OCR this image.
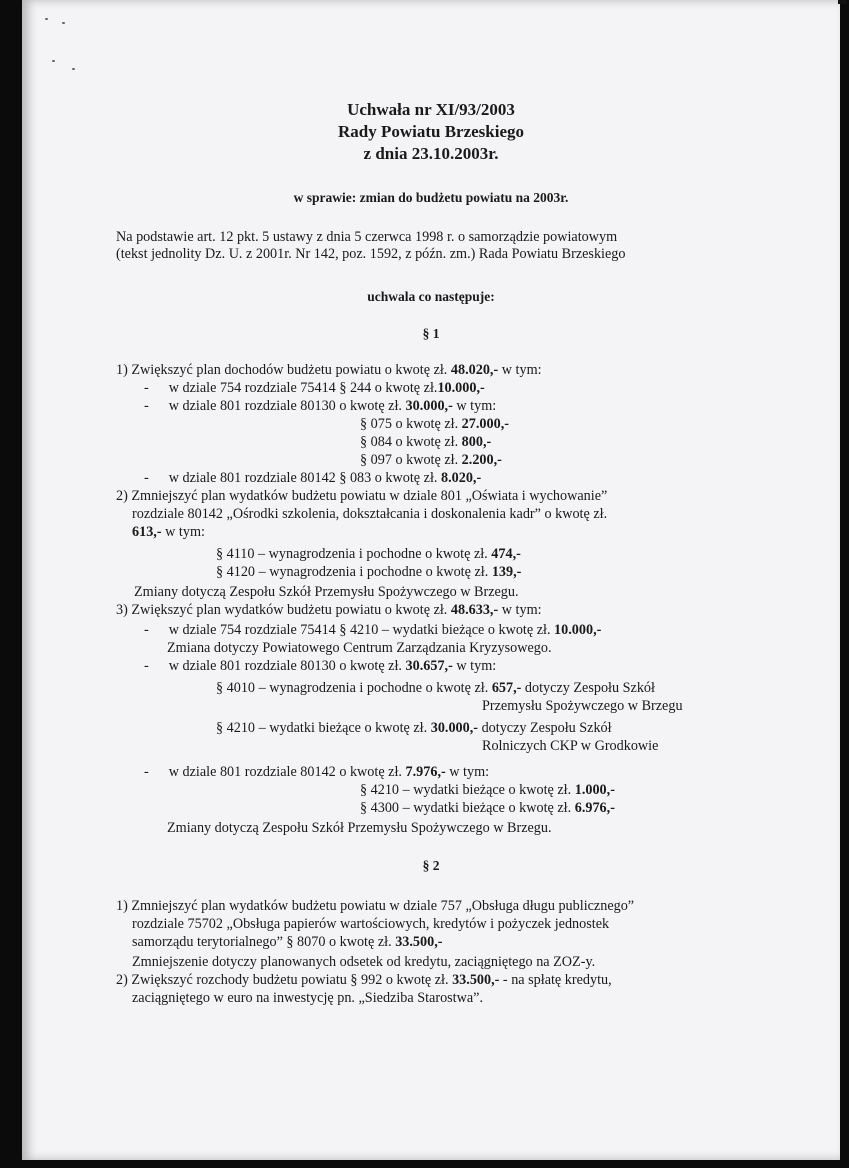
Uchwała nr XI/93/2003
Rady Powiatu Brzeskiego
z dnia 23.10.2003r.
w sprawie: zmian do budżetu powiatu na 2003r.
Na podstawie art. 12 pkt. 5 ustawy z dnia 5 czerwca 1998 r. o samorządzie powiatowym
(tekst jednolity Dz. U. z 2001r. Nr 142, poz. 1592, z późn. zm.) Rada Powiatu Brzeskiego
uchwala co następuje:
§ 1
1) Zwiększyć plan dochodów budżetu powiatu o kwotę zł. 48.020,- w tym:
- w dziale 754 rozdziale 75414 § 244 o kwotę zł.10.000,-
- w dziale 801 rozdziale 80130 o kwotę zł. 30.000,- w tym:
§ 075 o kwotę zł. 27.000,-
§ 084 o kwotę zł. 800,-
§ 097 o kwotę zł. 2.200,-
- w dziale 801 rozdziale 80142 § 083 o kwotę zł. 8.020,-
2) Zmniejszyć plan wydatków budżetu powiatu w dziale 801 „Oświata i wychowanie”
rozdziale 80142 „Ośrodki szkolenia, dokształcania i doskonalenia kadr” o kwotę zł.
613,- w tym:
§ 4110 – wynagrodzenia i pochodne o kwotę zł. 474,-
§ 4120 – wynagrodzenia i pochodne o kwotę zł. 139,-
Zmiany dotyczą Zespołu Szkół Przemysłu Spożywczego w Brzegu.
3) Zwiększyć plan wydatków budżetu powiatu o kwotę zł. 48.633,- w tym:
- w dziale 754 rozdziale 75414 § 4210 – wydatki bieżące o kwotę zł. 10.000,-
Zmiana dotyczy Powiatowego Centrum Zarządzania Kryzysowego.
- w dziale 801 rozdziale 80130 o kwotę zł. 30.657,- w tym:
§ 4010 – wynagrodzenia i pochodne o kwotę zł. 657,- dotyczy Zespołu Szkół
Przemysłu Spożywczego w Brzegu
§ 4210 – wydatki bieżące o kwotę zł. 30.000,- dotyczy Zespołu Szkół
Rolniczych CKP w Grodkowie
- w dziale 801 rozdziale 80142 o kwotę zł. 7.976,- w tym:
§ 4210 – wydatki bieżące o kwotę zł. 1.000,-
§ 4300 – wydatki bieżące o kwotę zł. 6.976,-
Zmiany dotyczą Zespołu Szkół Przemysłu Spożywczego w Brzegu.
§ 2
1) Zmniejszyć plan wydatków budżetu powiatu w dziale 757 „Obsługa długu publicznego”
rozdziale 75702 „Obsługa papierów wartościowych, kredytów i pożyczek jednostek
samorządu terytorialnego” § 8070 o kwotę zł. 33.500,-
Zmniejszenie dotyczy planowanych odsetek od kredytu, zaciągniętego na ZOZ-y.
2) Zwiększyć rozchody budżetu powiatu § 992 o kwotę zł. 33.500,- - na spłatę kredytu,
zaciągniętego w euro na inwestycję pn. „Siedziba Starostwa”.
